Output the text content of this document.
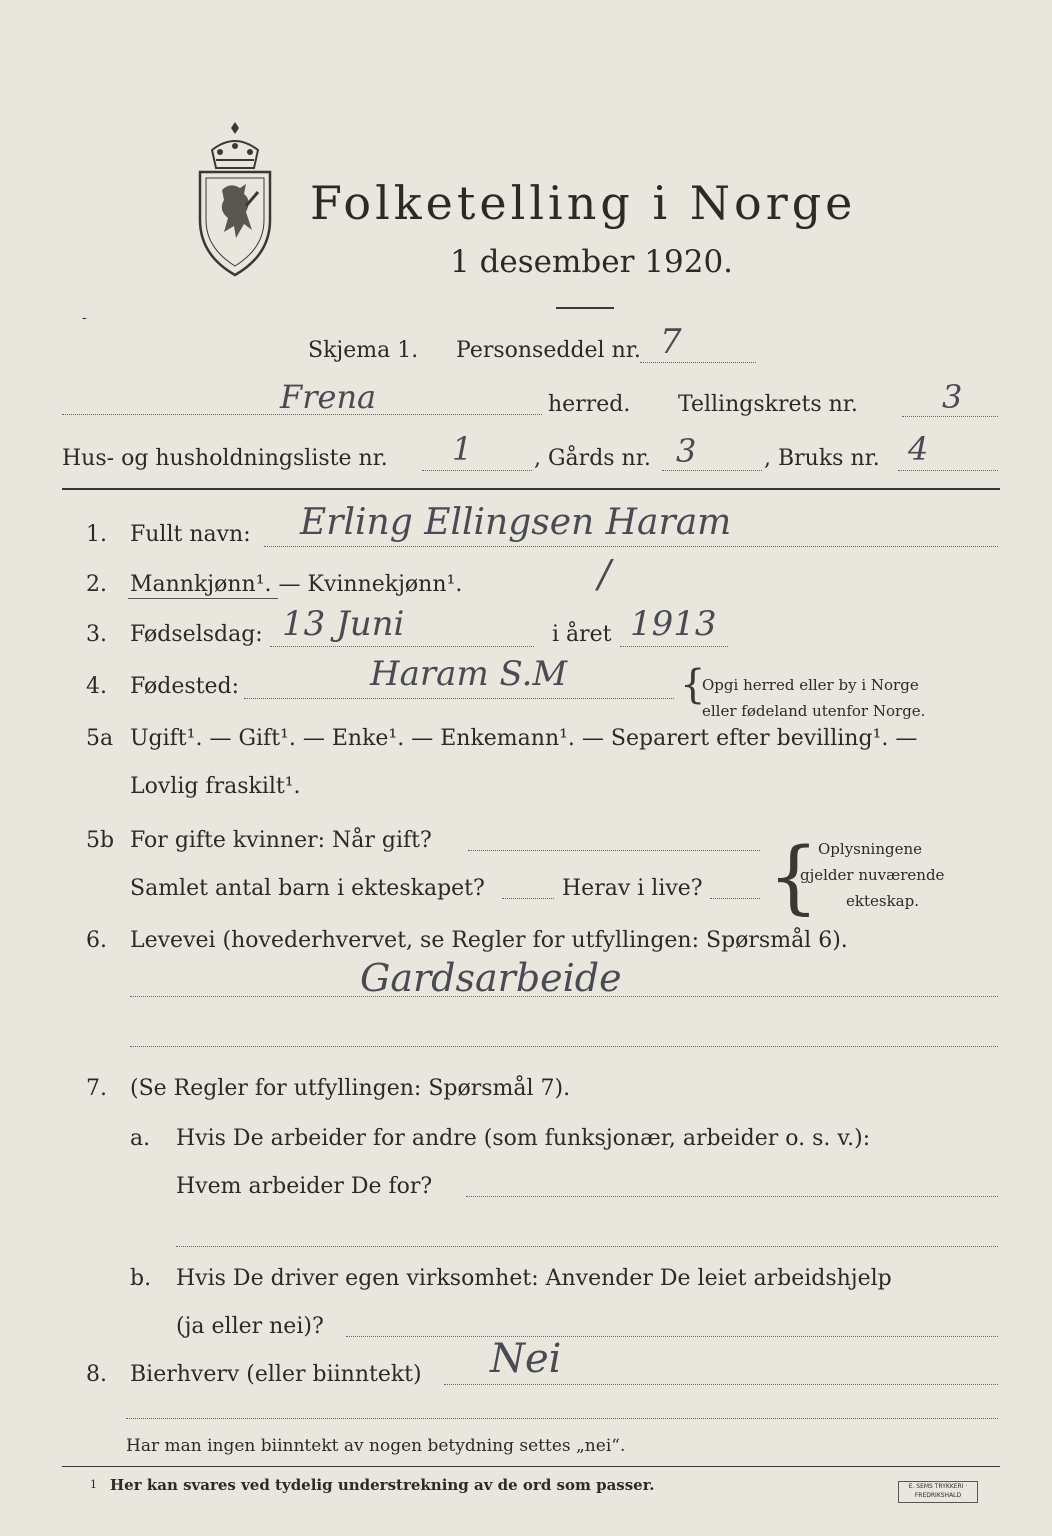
Folketelling i Norge
1 desember 1920.
-
Skjema 1. Personseddel nr. 7
Frena	herred. Tellingskrets nr.	3
Hus- og husholdningsliste nr. 1	, Gårds nr. 3	, Bruks nr. 4
1. Fullt navn: Erling Ellingsen Haram
2. Mannkjønn¹. — Kvinnekjønn¹.	/
3. Fødselsdag: 13 Juni	i året 1913
4. Fødested:	Haram S.M	{
Opgi herred eller by i Norge
eller fødeland utenfor Norge.
5a Ugift¹. — Gift¹. — Enke¹. — Enkemann¹. — Separert efter bevilling¹. —
Lovlig fraskilt¹.
5b For gifte kvinner: Når gift?
Samlet antal barn i ekteskapet?	Herav i live? { Oplysningene
gjelder nuværende
ekteskap.
6. Levevei (hovederhvervet, se Regler for utfyllingen: Spørsmål 6).
Gardsarbeide
7. (Se Regler for utfyllingen: Spørsmål 7).
a. Hvis De arbeider for andre (som funksjonær, arbeider o. s. v.):
Hvem arbeider De for?
b. Hvis De driver egen virksomhet: Anvender De leiet arbeidshjelp
(ja eller nei)?
8. Bierhverv (eller biinntekt) Nei
Har man ingen biinntekt av nogen betydning settes „nei“.
1 Her kan svares ved tydelig understrekning av de ord som passer.	E. SEMS TRYKKERI · FREDRIKSHALD
